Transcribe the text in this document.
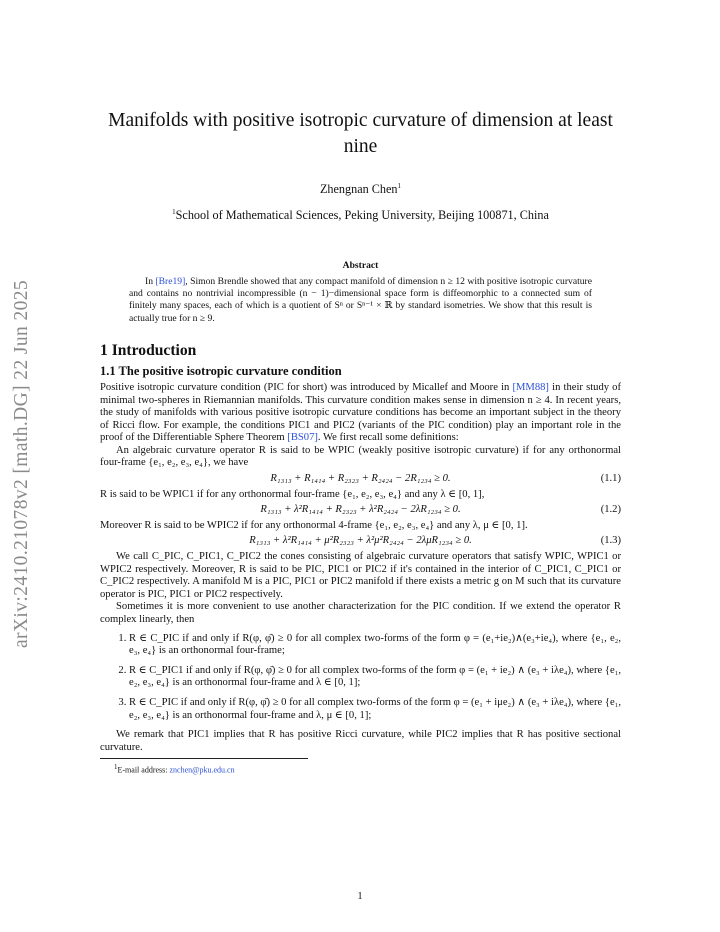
arXiv:2410.21078v2 [math.DG] 22 Jun 2025
Manifolds with positive isotropic curvature of dimension at least nine
Zhengnan Chen$^1$
$^1$School of Mathematical Sciences, Peking University, Beijing 100871, China
Abstract

In [Bre19], Simon Brendle showed that any compact manifold of dimension n ≥ 12 with positive isotropic curvature and contains no nontrivial incompressible (n − 1)−dimensional space form is diffeomorphic to a connected sum of finitely many spaces, each of which is a quotient of Sⁿ or Sⁿ⁻¹ × ℝ by standard isometries. We show that this result is actually true for n ≥ 9.

1 Introduction
1.1 The positive isotropic curvature condition

Positive isotropic curvature condition (PIC for short) was introduced by Micallef and Moore in [MM88] in their study of minimal two-spheres in Riemannian manifolds. This curvature condition makes sense in dimension n ≥ 4. In recent years, the study of manifolds with various positive isotropic curvature conditions has become an important subject in the theory of Ricci flow. For example, the conditions PIC1 and PIC2 (variants of the PIC condition) play an important role in the proof of the Differentiable Sphere Theorem [BS07]. We first recall some definitions:

An algebraic curvature operator R is said to be WPIC (weakly positive isotropic curvature) if for any orthonormal four-frame {e₁, e₂, e₃, e₄}, we have

R₁₃₁₃ + R₁₄₁₄ + R₂₃₂₃ + R₂₄₂₄ − 2R₁₂₃₄ ≥ 0.	(1.1)

R is said to be WPIC1 if for any orthonormal four-frame {e₁, e₂, e₃, e₄} and any λ ∈ [0, 1],

R₁₃₁₃ + λ²R₁₄₁₄ + R₂₃₂₃ + λ²R₂₄₂₄ − 2λR₁₂₃₄ ≥ 0.	(1.2)

Moreover R is said to be WPIC2 if for any orthonormal 4-frame {e₁, e₂, e₃, e₄} and any λ, μ ∈ [0, 1].

R₁₃₁₃ + λ²R₁₄₁₄ + μ²R₂₃₂₃ + λ²μ²R₂₄₂₄ − 2λμR₁₂₃₄ ≥ 0.	(1.3)

We call C_PIC, C_PIC1, C_PIC2 the cones consisting of algebraic curvature operators that satisfy WPIC, WPIC1 or WPIC2 respectively. Moreover, R is said to be PIC, PIC1 or PIC2 if it's contained in the interior of C_PIC1, C_PIC1 or C_PIC2 respectively. A manifold M is a PIC, PIC1 or PIC2 manifold if there exists a metric g on M such that its curvature operator is PIC, PIC1 or PIC2 respectively.

Sometimes it is more convenient to use another characterization for the PIC condition. If we extend the operator R complex linearly, then

1. R ∈ C_PIC if and only if R(φ, φ̄) ≥ 0 for all complex two-forms of the form φ = (e₁+ie₂)∧(e₃+ie₄), where {e₁, e₂, e₃, e₄} is an orthonormal four-frame;
2. R ∈ C_PIC1 if and only if R(φ, φ̄) ≥ 0 for all complex two-forms of the form φ = (e₁ + ie₂) ∧ (e₃ + iλe₄), where {e₁, e₂, e₃, e₄} is an orthonormal four-frame and λ ∈ [0, 1];
3. R ∈ C_PIC if and only if R(φ, φ̄) ≥ 0 for all complex two-forms of the form φ = (e₁ + iμe₂) ∧ (e₃ + iλe₄), where {e₁, e₂, e₃, e₄} is an orthonormal four-frame and λ, μ ∈ [0, 1];

We remark that PIC1 implies that R has positive Ricci curvature, while PIC2 implies that R has positive sectional curvature.

$^1$E-mail address: znchen@pku.edu.cn
1
